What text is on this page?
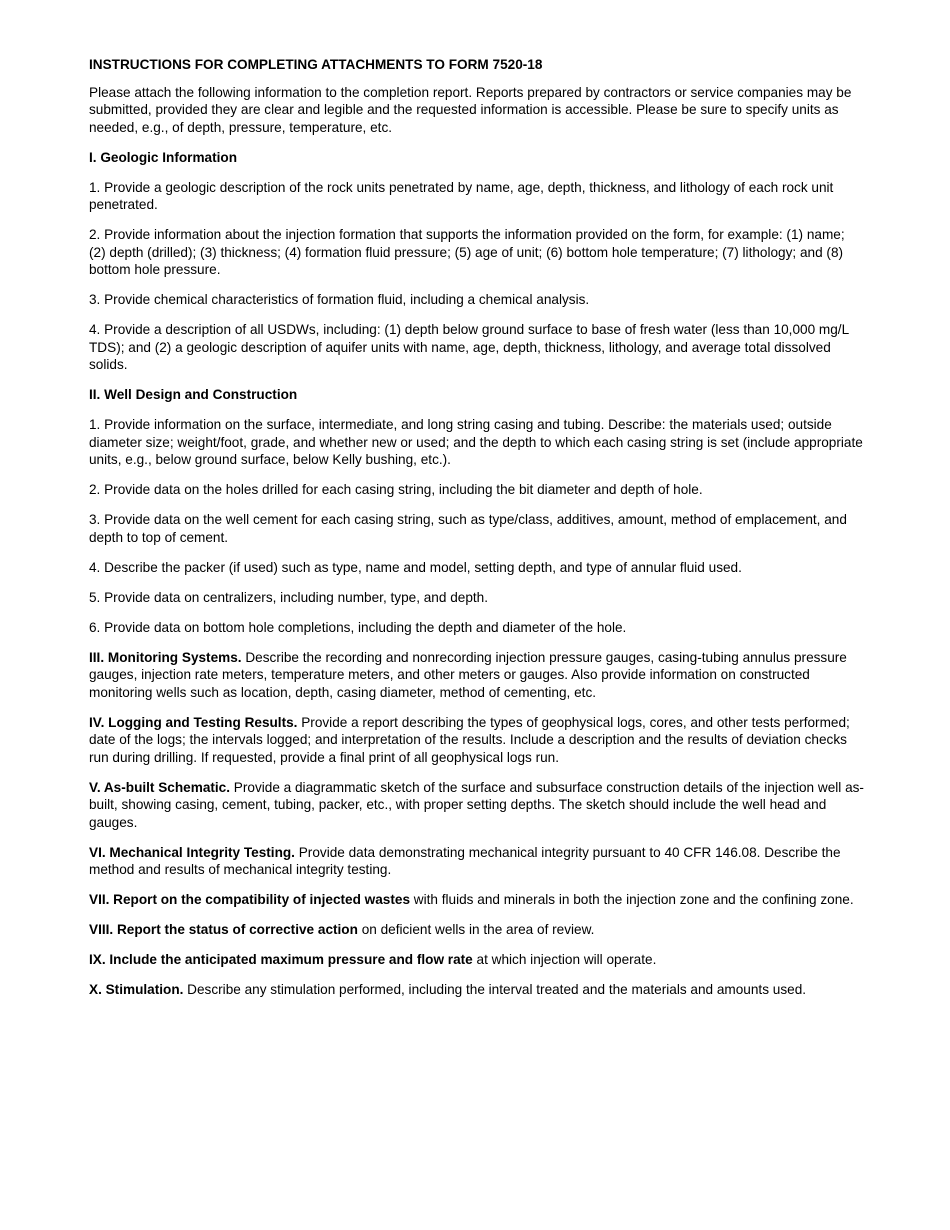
INSTRUCTIONS FOR COMPLETING ATTACHMENTS TO FORM 7520-18

Please attach the following information to the completion report. Reports prepared by contractors or service companies may be submitted, provided they are clear and legible and the requested information is accessible. Please be sure to specify units as needed, e.g., of depth, pressure, temperature, etc.

I. Geologic Information

1. Provide a geologic description of the rock units penetrated by name, age, depth, thickness, and lithology of each rock unit penetrated.

2. Provide information about the injection formation that supports the information provided on the form, for example: (1) name; (2) depth (drilled); (3) thickness; (4) formation fluid pressure; (5) age of unit; (6) bottom hole temperature; (7) lithology; and (8) bottom hole pressure.

3. Provide chemical characteristics of formation fluid, including a chemical analysis.

4. Provide a description of all USDWs, including: (1) depth below ground surface to base of fresh water (less than 10,000 mg/L TDS); and (2) a geologic description of aquifer units with name, age, depth, thickness, lithology, and average total dissolved solids.

II. Well Design and Construction

1. Provide information on the surface, intermediate, and long string casing and tubing. Describe: the materials used; outside diameter size; weight/foot, grade, and whether new or used; and the depth to which each casing string is set (include appropriate units, e.g., below ground surface, below Kelly bushing, etc.).

2. Provide data on the holes drilled for each casing string, including the bit diameter and depth of hole.

3. Provide data on the well cement for each casing string, such as type/class, additives, amount, method of emplacement, and depth to top of cement.

4. Describe the packer (if used) such as type, name and model, setting depth, and type of annular fluid used.

5. Provide data on centralizers, including number, type, and depth.

6. Provide data on bottom hole completions, including the depth and diameter of the hole.

III. Monitoring Systems. Describe the recording and nonrecording injection pressure gauges, casing-tubing annulus pressure gauges, injection rate meters, temperature meters, and other meters or gauges. Also provide information on constructed monitoring wells such as location, depth, casing diameter, method of cementing, etc.

IV. Logging and Testing Results. Provide a report describing the types of geophysical logs, cores, and other tests performed; date of the logs; the intervals logged; and interpretation of the results. Include a description and the results of deviation checks run during drilling. If requested, provide a final print of all geophysical logs run.

V. As-built Schematic. Provide a diagrammatic sketch of the surface and subsurface construction details of the injection well as-built, showing casing, cement, tubing, packer, etc., with proper setting depths. The sketch should include the well head and gauges.

VI. Mechanical Integrity Testing. Provide data demonstrating mechanical integrity pursuant to 40 CFR 146.08. Describe the method and results of mechanical integrity testing.

VII. Report on the compatibility of injected wastes with fluids and minerals in both the injection zone and the confining zone.

VIII. Report the status of corrective action on deficient wells in the area of review.

IX. Include the anticipated maximum pressure and flow rate at which injection will operate.

X. Stimulation. Describe any stimulation performed, including the interval treated and the materials and amounts used.
